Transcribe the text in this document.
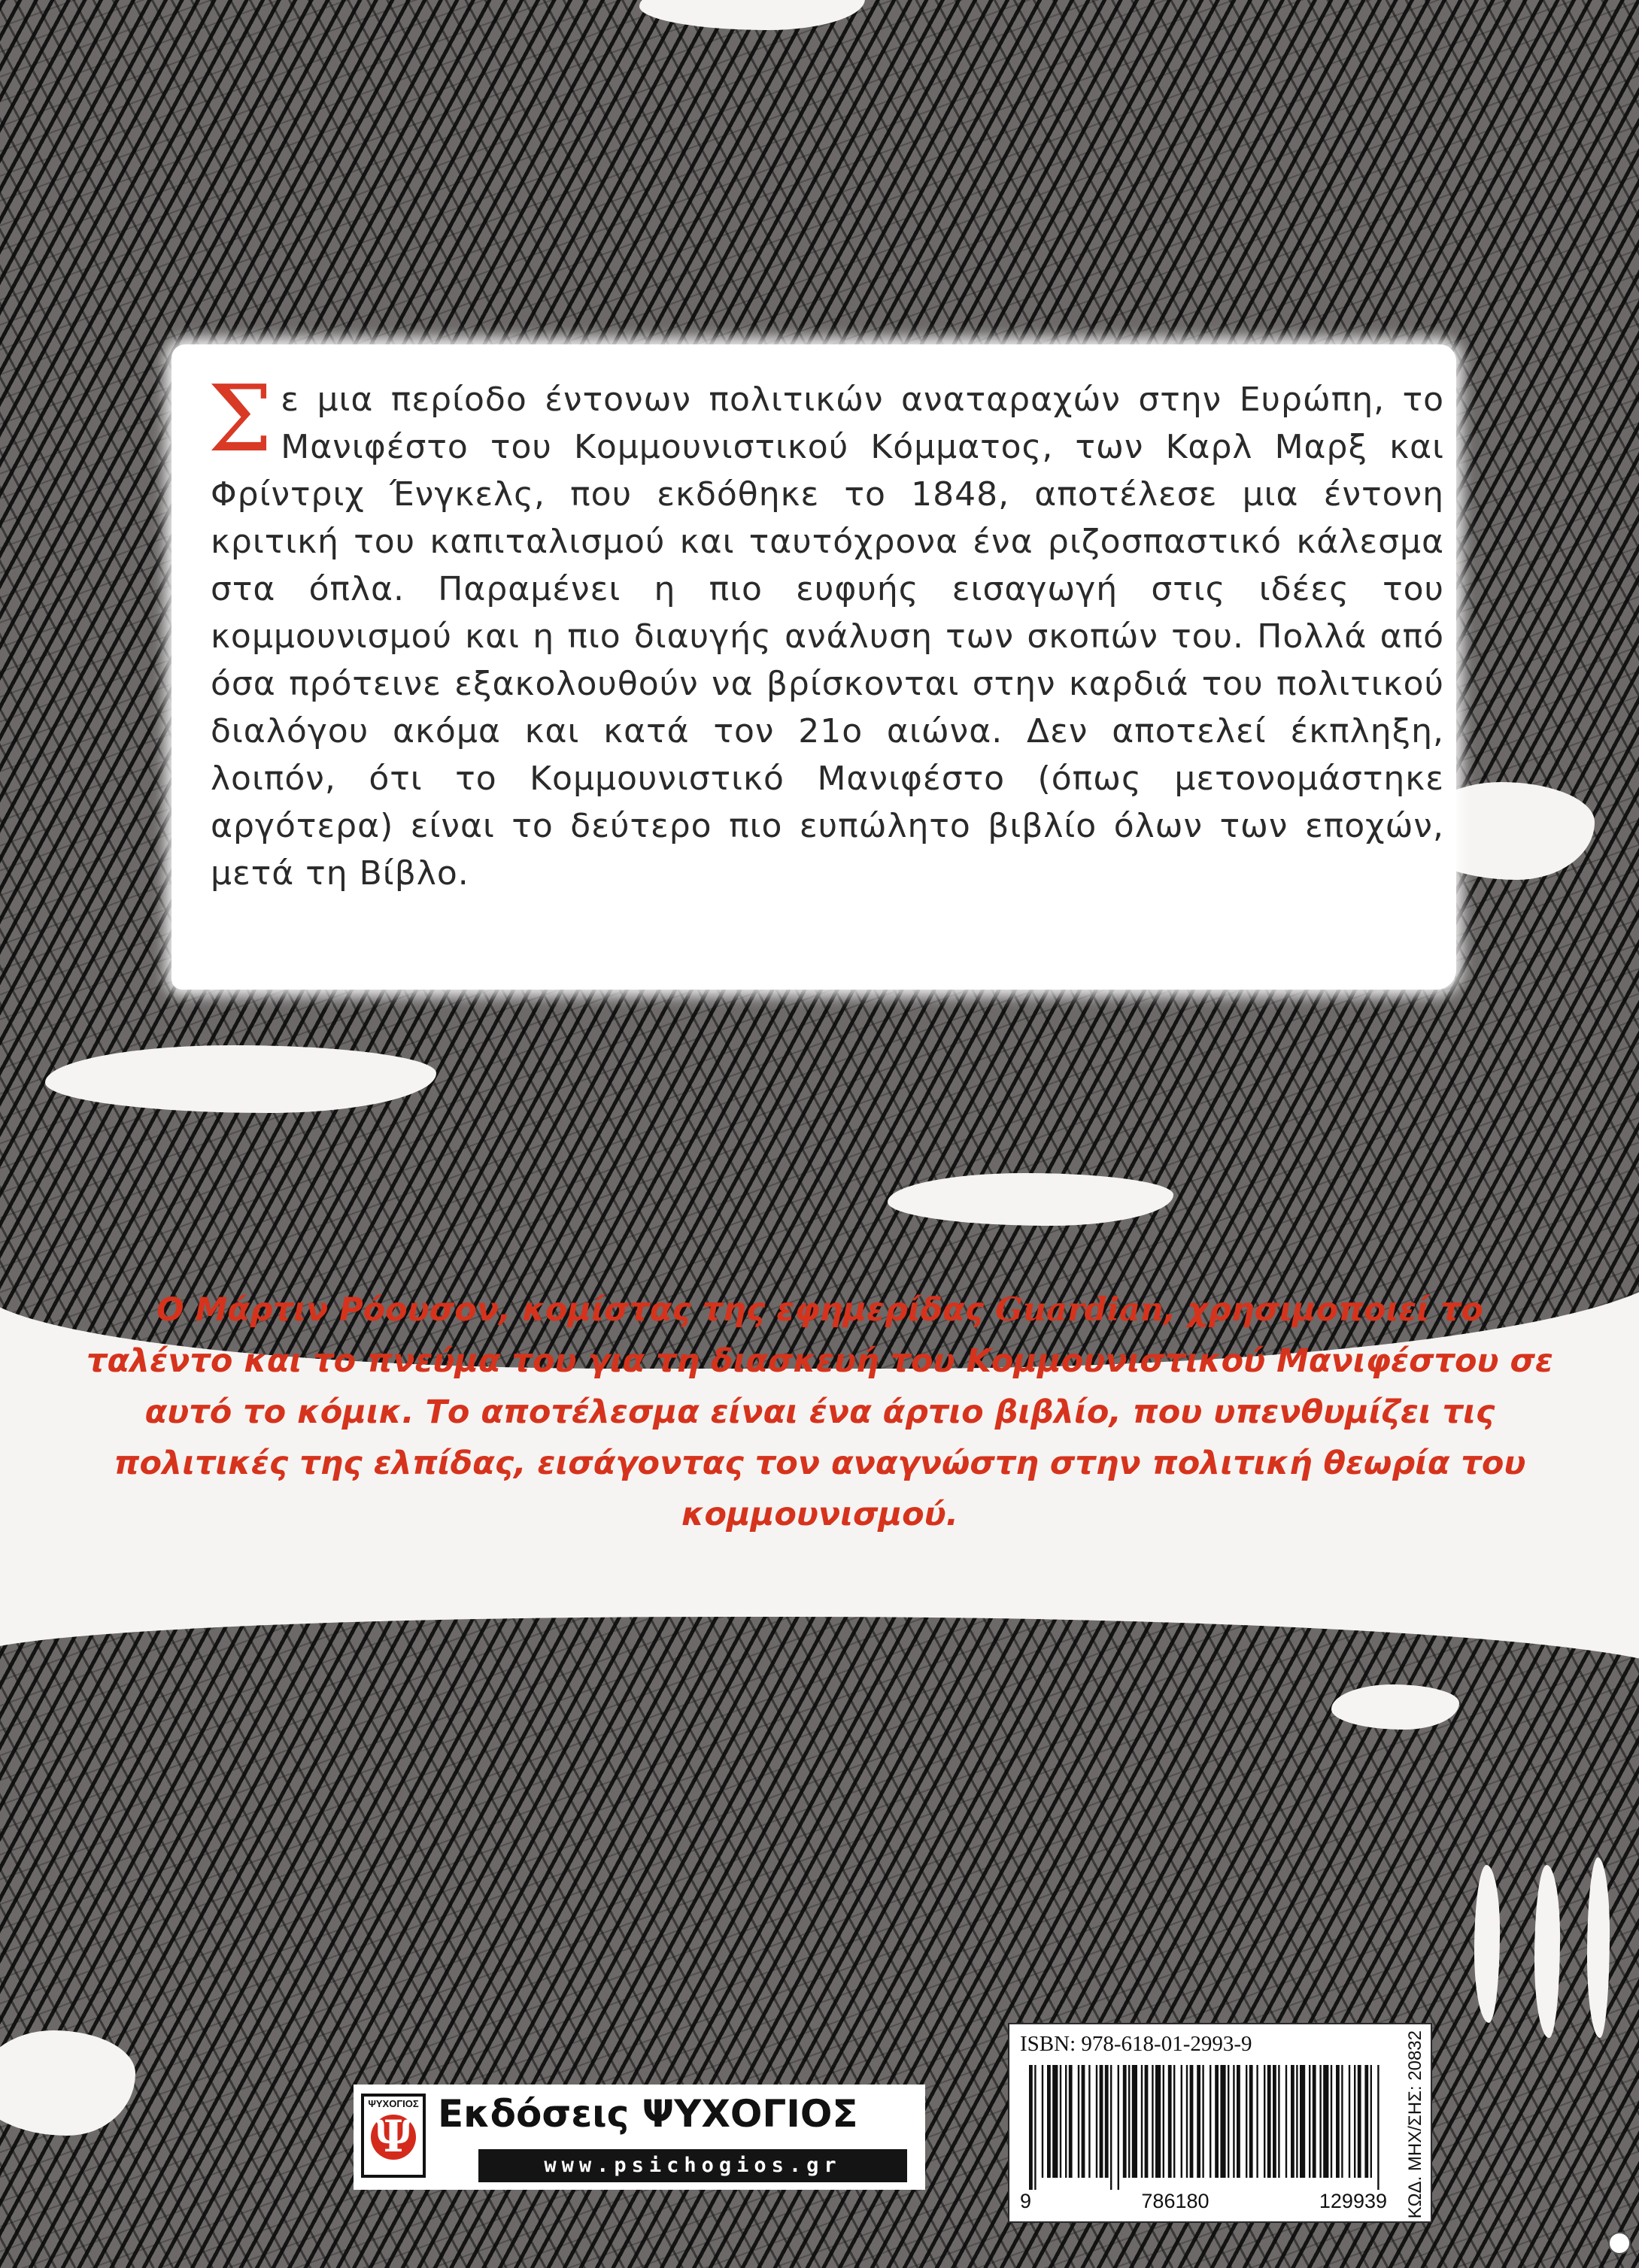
Σε μια περίοδο έντονων πολιτικών αναταραχών στην Ευρώπη, το Μανιφέστο του Κομμουνιστικού Κόμματος, των Καρλ Μαρξ και Φρίντριχ Ένγκελς, που εκδόθηκε το 1848, αποτέλεσε μια έντονη κριτική του καπιταλισμού και ταυτόχρονα ένα ριζοσπαστικό κάλεσμα στα όπλα. Παραμένει η πιο ευφυής εισαγωγή στις ιδέες του κομμουνισμού και η πιο διαυγής ανάλυση των σκοπών του. Πολλά από όσα πρότεινε εξακολουθούν να βρίσκονται στην καρδιά του πολιτικού διαλόγου ακόμα και κατά τον 21ο αιώνα. Δεν αποτελεί έκπληξη, λοιπόν, ότι το Κομμουνιστικό Μανιφέστο (όπως μετονομάστηκε αργότερα) είναι το δεύτερο πιο ευπώλητο βιβλίο όλων των εποχών, μετά τη Βίβλο.

Ο Μάρτιν Ρόουσον, κομίστας της εφημερίδας Guardian, χρησιμοποιεί το ταλέντο και το πνεύμα του για τη διασκευή του Κομμουνιστικού Μανιφέστου σε αυτό το κόμικ. Το αποτέλεσμα είναι ένα άρτιο βιβλίο, που υπενθυμίζει τις πολιτικές της ελπίδας, εισάγοντας τον αναγνώστη στην πολιτική θεωρία του κομμουνισμού.

ΨΥΧΟΓΙΟΣ
Ψ Εκδόσεις ΨΥΧΟΓΙΟΣ
www.psichogios.gr
ISBN: 978-618-01-2993-9
9	786180	129939 ΚΩΔ. ΜΗΧ/ΣΗΣ: 20832
